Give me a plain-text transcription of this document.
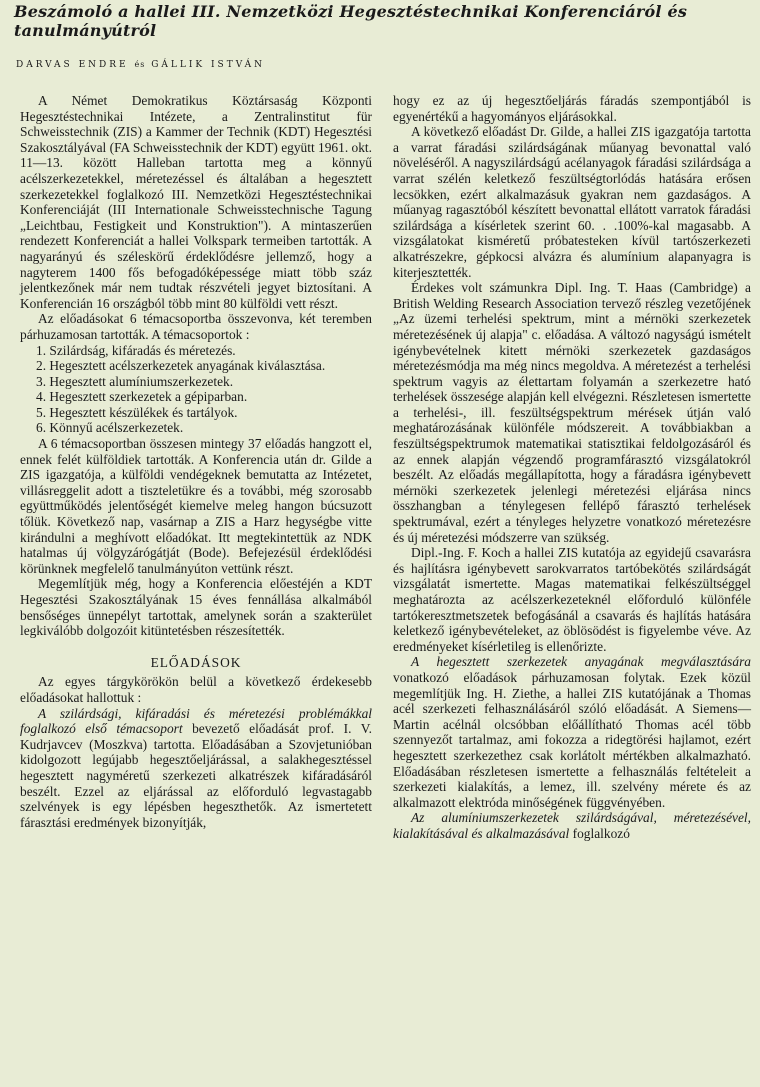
Beszámoló a hallei III. Nemzetközi Hegesztéstechnikai Konferenciáról és tanulmányútról
DARVAS ENDRE és GÁLLIK ISTVÁN

A Német Demokratikus Köztársaság Központi Hegesztéstechnikai Intézete, a Zentralinstitut für Schweisstechnik (ZIS) a Kammer der Technik (KDT) Hegesztési Szakosztályával (FA Schweisstechnik der KDT) együtt 1961. okt. 11—13. között Halleban tartotta meg a könnyű acélszerkezetekkel, méretezéssel és általában a hegesztett szerkezetekkel foglalkozó III. Nemzetközi Hegesztéstechnikai Konferenciáját (III Internationale Schweisstechnische Tagung „Leichtbau, Festigkeit und Konstruktion"). A mintaszerűen rendezett Konferenciát a hallei Volkspark termeiben tartották. A nagyarányú és széleskörű érdeklődésre jellemző, hogy a nagyterem 1400 fős befogadóképessége miatt több száz jelentkezőnek már nem tudtak részvételi jegyet biztosítani. A Konferencián 16 országból több mint 80 külföldi vett részt.

Az előadásokat 6 témacsoportba összevonva, két teremben párhuzamosan tartották. A témacsoportok :

1. Szilárdság, kifáradás és méretezés.
2. Hegesztett acélszerkezetek anyagának kiválasztása.
3. Hegesztett alumíniumszerkezetek.
4. Hegesztett szerkezetek a gépiparban.
5. Hegesztett készülékek és tartályok.
6. Könnyű acélszerkezetek.

A 6 témacsoportban összesen mintegy 37 előadás hangzott el, ennek felét külföldiek tartották. A Konferencia után dr. Gilde a ZIS igazgatója, a külföldi vendégeknek bemutatta az Intézetet, villásreggelit adott a tiszteletükre és a további, még szorosabb együttműködés jelentőségét kiemelve meleg hangon búcsuzott tőlük. Következő nap, vasárnap a ZIS a Harz hegységbe vitte kirándulni a meghívott előadókat. Itt megtekintettük az NDK hatalmas új völgyzárógátját (Bode). Befejezésül érdeklődési körünknek megfelelő tanulmányúton vettünk részt.

Megemlítjük még, hogy a Konferencia előestéjén a KDT Hegesztési Szakosztályának 15 éves fennállása alkalmából bensőséges ünnepélyt tartottak, amelynek során a szakterület legkiválóbb dolgozóit kitüntetésben részesítették.

ELŐADÁSOK

Az egyes tárgykörökön belül a következő érdekesebb előadásokat hallottuk :

A szilárdsági, kifáradási és méretezési problémákkal foglalkozó első témacsoport bevezető előadását prof. I. V. Kudrjavcev (Moszkva) tartotta. Előadásában a Szovjetunióban kidolgozott legújabb hegesztőeljárással, a salakhegesztéssel hegesztett nagyméretű szerkezeti alkatrészek kifáradásáról beszélt. Ezzel az eljárással az előforduló legvastagabb szelvények is egy lépésben hegeszthetők. Az ismertetett fárasztási eredmények bizonyítják,

hogy ez az új hegesztőeljárás fáradás szempontjából is egyenértékű a hagyományos eljárásokkal.

A következő előadást Dr. Gilde, a hallei ZIS igazgatója tartotta a varrat fáradási szilárdságának műanyag bevonattal való növeléséről. A nagyszilárdságú acélanyagok fáradási szilárdsága a varrat szélén keletkező feszültségtorlódás hatására erősen lecsökken, ezért alkalmazásuk gyakran nem gazdaságos. A műanyag ragasztóból készített bevonattal ellátott varratok fáradási szilárdsága a kísérletek szerint 60. . .100%-kal magasabb. A vizsgálatokat kisméretű próbatesteken kívül tartószerkezeti alkatrészekre, gépkocsi alvázra és alumínium alapanyagra is kiterjesztették.

Érdekes volt számunkra Dipl. Ing. T. Haas (Cambridge) a British Welding Research Association tervező részleg vezetőjének „Az üzemi terhelési spektrum, mint a mérnöki szerkezetek méretezésének új alapja" c. előadása. A változó nagyságú ismételt igénybevételnek kitett mérnöki szerkezetek gazdaságos méretezésmódja ma még nincs megoldva. A méretezést a terhelési spektrum vagyis az élettartam folyamán a szerkezetre ható terhelések összesége alapján kell elvégezni. Részletesen ismertette a terhelési-, ill. feszültségspektrum mérések útján való meghatározásának különféle módszereit. A továbbiakban a feszültségspektrumok matematikai statisztikai feldolgozásáról és az ennek alapján végzendő programfárasztó vizsgálatokról beszélt. Az előadás megállapította, hogy a fáradásra igénybevett mérnöki szerkezetek jelenlegi méretezési eljárása nincs összhangban a ténylegesen fellépő fárasztó terhelések spektrumával, ezért a tényleges helyzetre vonatkozó méretezésre és új méretezési módszerre van szükség.

Dipl.-Ing. F. Koch a hallei ZIS kutatója az egyidejű csavarásra és hajlításra igénybevett sarokvarratos tartóbekötés szilárdságát vizsgálatát ismertette. Magas matematikai felkészültséggel meghatározta az acélszerkezeteknél előforduló különféle tartókeresztmetszetek befogásánál a csavarás és hajlítás hatására keletkező igénybevételeket, az öblösödést is figyelembe véve. Az eredményeket kísérletileg is ellenőrizte.

A hegesztett szerkezetek anyagának megválasztására vonatkozó előadások párhuzamosan folytak. Ezek közül megemlítjük Ing. H. Ziethe, a hallei ZIS kutatójának a Thomas acél szerkezeti felhasználásáról szóló előadását. A Siemens—Martin acélnál olcsóbban előállítható Thomas acél több szennyezőt tartalmaz, ami fokozza a ridegtörési hajlamot, ezért hegesztett szerkezethez csak korlátolt mértékben alkalmazható. Előadásában részletesen ismertette a felhasználás feltételeit a szerkezeti kialakítás, a lemez, ill. szelvény mérete és az alkalmazott elektróda minőségének függvényében.

Az alumíniumszerkezetek szilárdságával, méretezésével, kialakításával és alkalmazásával foglalkozó
